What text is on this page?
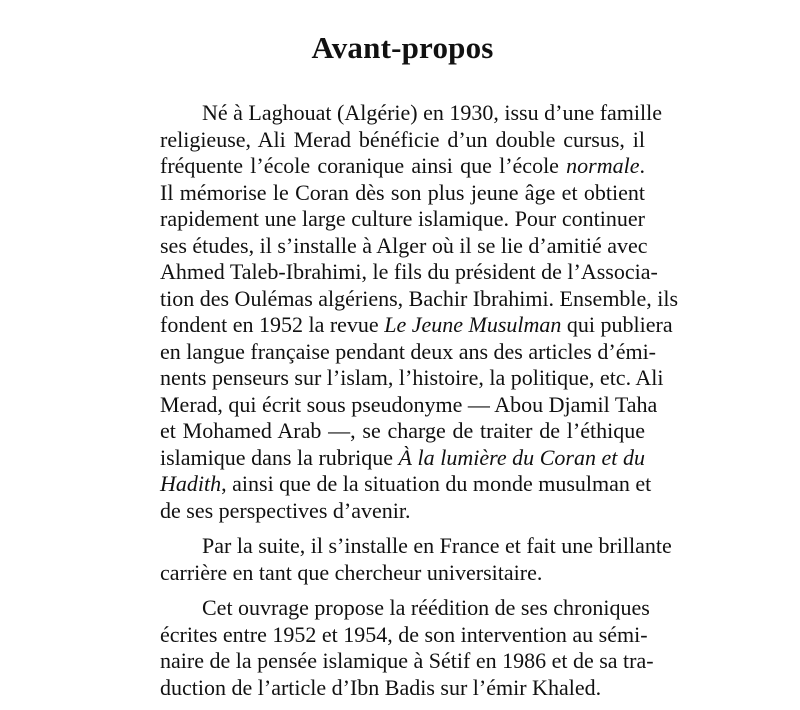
Avant-propos
Né à Laghouat (Algérie) en 1930, issu d’une famille
religieuse, Ali Merad bénéficie d’un double cursus, il
fréquente l’école coranique ainsi que l’école normale.
Il mémorise le Coran dès son plus jeune âge et obtient
rapidement une large culture islamique. Pour continuer
ses études, il s’installe à Alger où il se lie d’amitié avec
Ahmed Taleb-Ibrahimi, le fils du président de l’Associa-
tion des Oulémas algériens, Bachir Ibrahimi. Ensemble, ils
fondent en 1952 la revue Le Jeune Musulman qui publiera
en langue française pendant deux ans des articles d’émi-
nents penseurs sur l’islam, l’histoire, la politique, etc. Ali
Merad, qui écrit sous pseudonyme — Abou Djamil Taha
et Mohamed Arab —, se charge de traiter de l’éthique
islamique dans la rubrique À la lumière du Coran et du
Hadith, ainsi que de la situation du monde musulman et
de ses perspectives d’avenir.
Par la suite, il s’installe en France et fait une brillante
carrière en tant que chercheur universitaire.
Cet ouvrage propose la réédition de ses chroniques
écrites entre 1952 et 1954, de son intervention au sémi-
naire de la pensée islamique à Sétif en 1986 et de sa tra-
duction de l’article d’Ibn Badis sur l’émir Khaled.
